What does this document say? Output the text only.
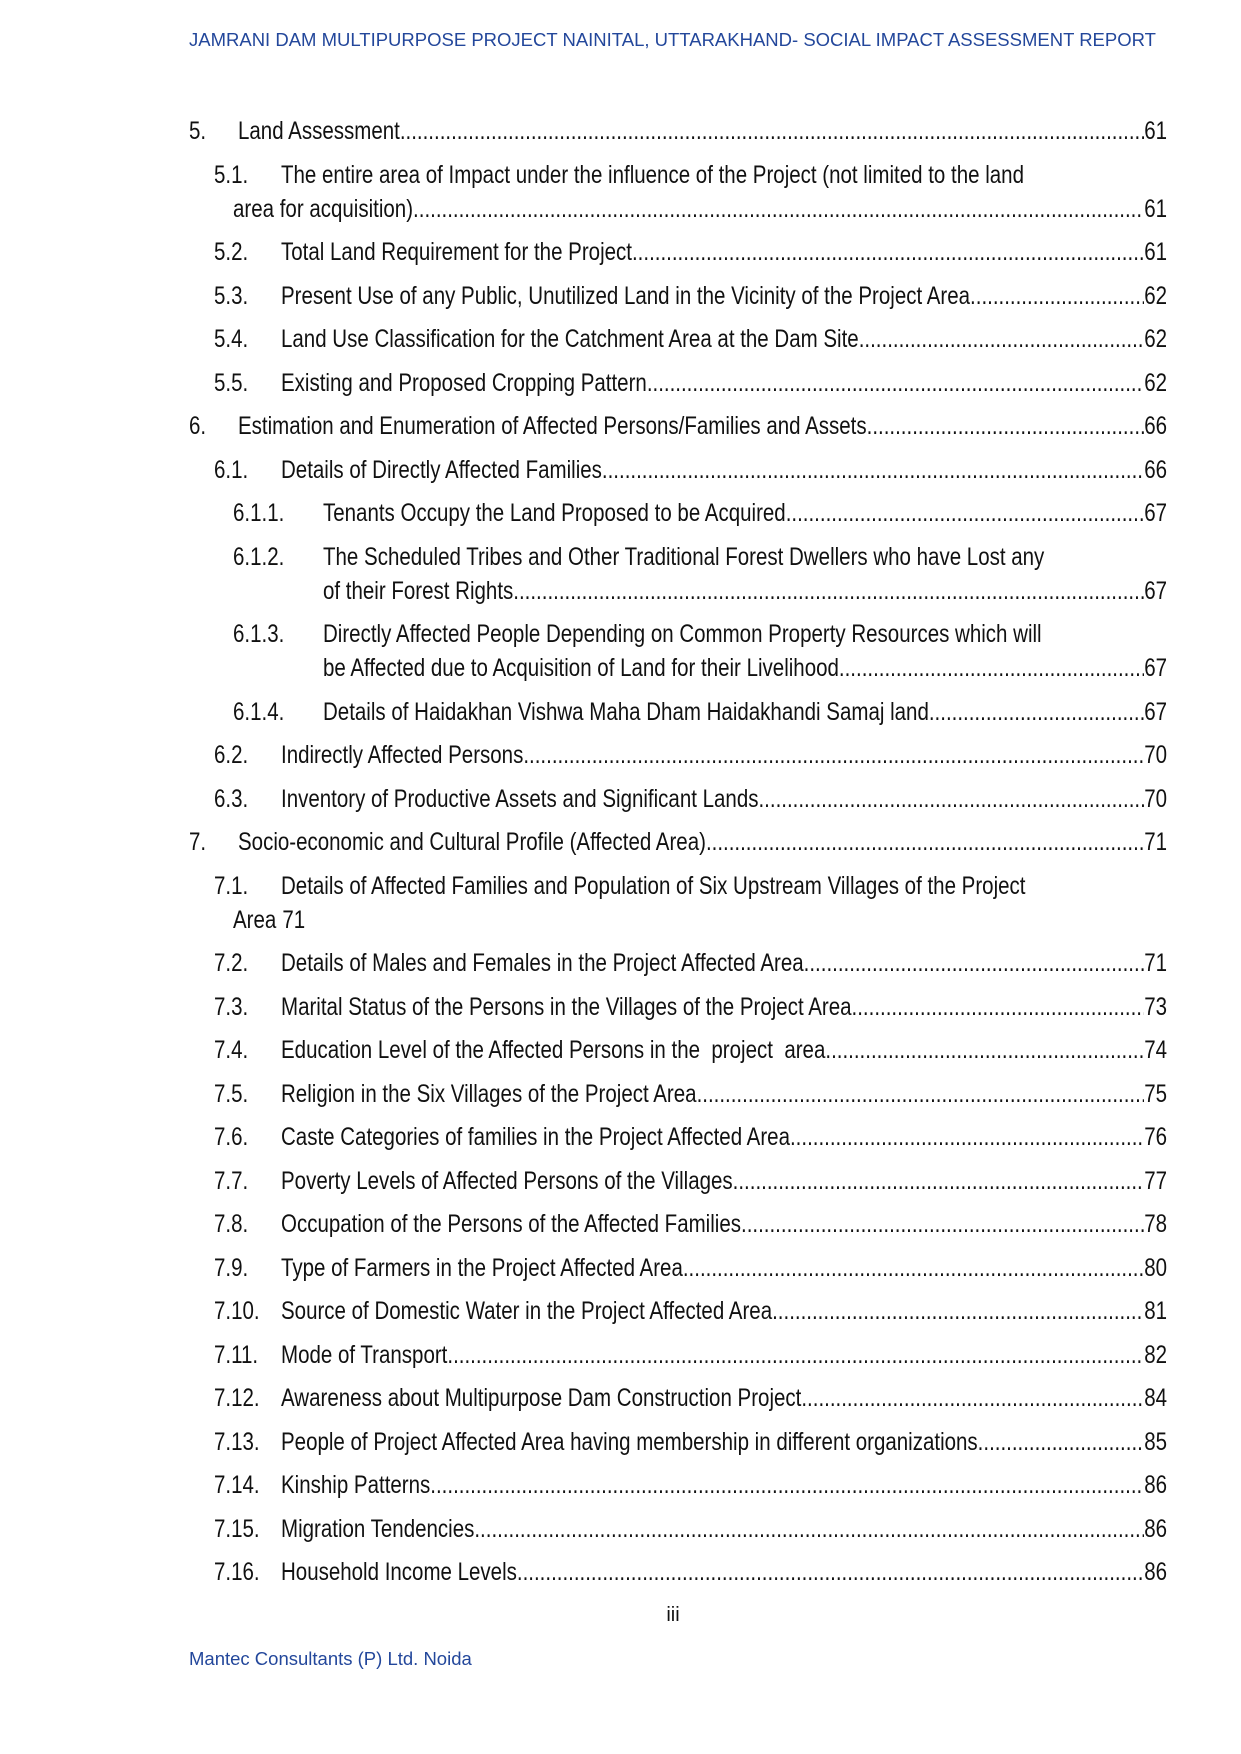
JAMRANI DAM MULTIPURPOSE PROJECT NAINITAL, UTTARAKHAND- SOCIAL IMPACT ASSESSMENT REPORT
5. Land Assessment .....	61
5.1. The entire area of Impact under the influence of the Project (not limited to the land
area for acquisition) .....	61
5.2. Total Land Requirement for the Project .....	61
5.3. Present Use of any Public, Unutilized Land in the Vicinity of the Project Area .....	62
5.4. Land Use Classification for the Catchment Area at the Dam Site .....	62
5.5. Existing and Proposed Cropping Pattern .....	62
6. Estimation and Enumeration of Affected Persons/Families and Assets .....	66
6.1. Details of Directly Affected Families .....	66
6.1.1. Tenants Occupy the Land Proposed to be Acquired .....	67
6.1.2. The Scheduled Tribes and Other Traditional Forest Dwellers who have Lost any
of their Forest Rights .....	67
6.1.3. Directly Affected People Depending on Common Property Resources which will
be Affected due to Acquisition of Land for their Livelihood .....	67
6.1.4. Details of Haidakhan Vishwa Maha Dham Haidakhandi Samaj land .....	67
6.2. Indirectly Affected Persons .....	70
6.3. Inventory of Productive Assets and Significant Lands .....	70
7. Socio-economic and Cultural Profile (Affected Area) .....	71
7.1. Details of Affected Families and Population of Six Upstream Villages of the Project
Area 71
7.2. Details of Males and Females in the Project Affected Area .....	71
7.3. Marital Status of the Persons in the Villages of the Project Area .....	73
7.4. Education Level of the Affected Persons in the  project  area .....	74
7.5. Religion in the Six Villages of the Project Area .....	75
7.6. Caste Categories of families in the Project Affected Area .....	76
7.7. Poverty Levels of Affected Persons of the Villages .....	77
7.8. Occupation of the Persons of the Affected Families .....	78
7.9. Type of Farmers in the Project Affected Area .....	80
7.10. Source of Domestic Water in the Project Affected Area .....	81
7.11. Mode of Transport .....	82
7.12. Awareness about Multipurpose Dam Construction Project .....	84
7.13. People of Project Affected Area having membership in different organizations .....	85
7.14. Kinship Patterns .....	86
7.15. Migration Tendencies .....	86
7.16. Household Income Levels .....	86
iii
Mantec Consultants (P) Ltd. Noida
